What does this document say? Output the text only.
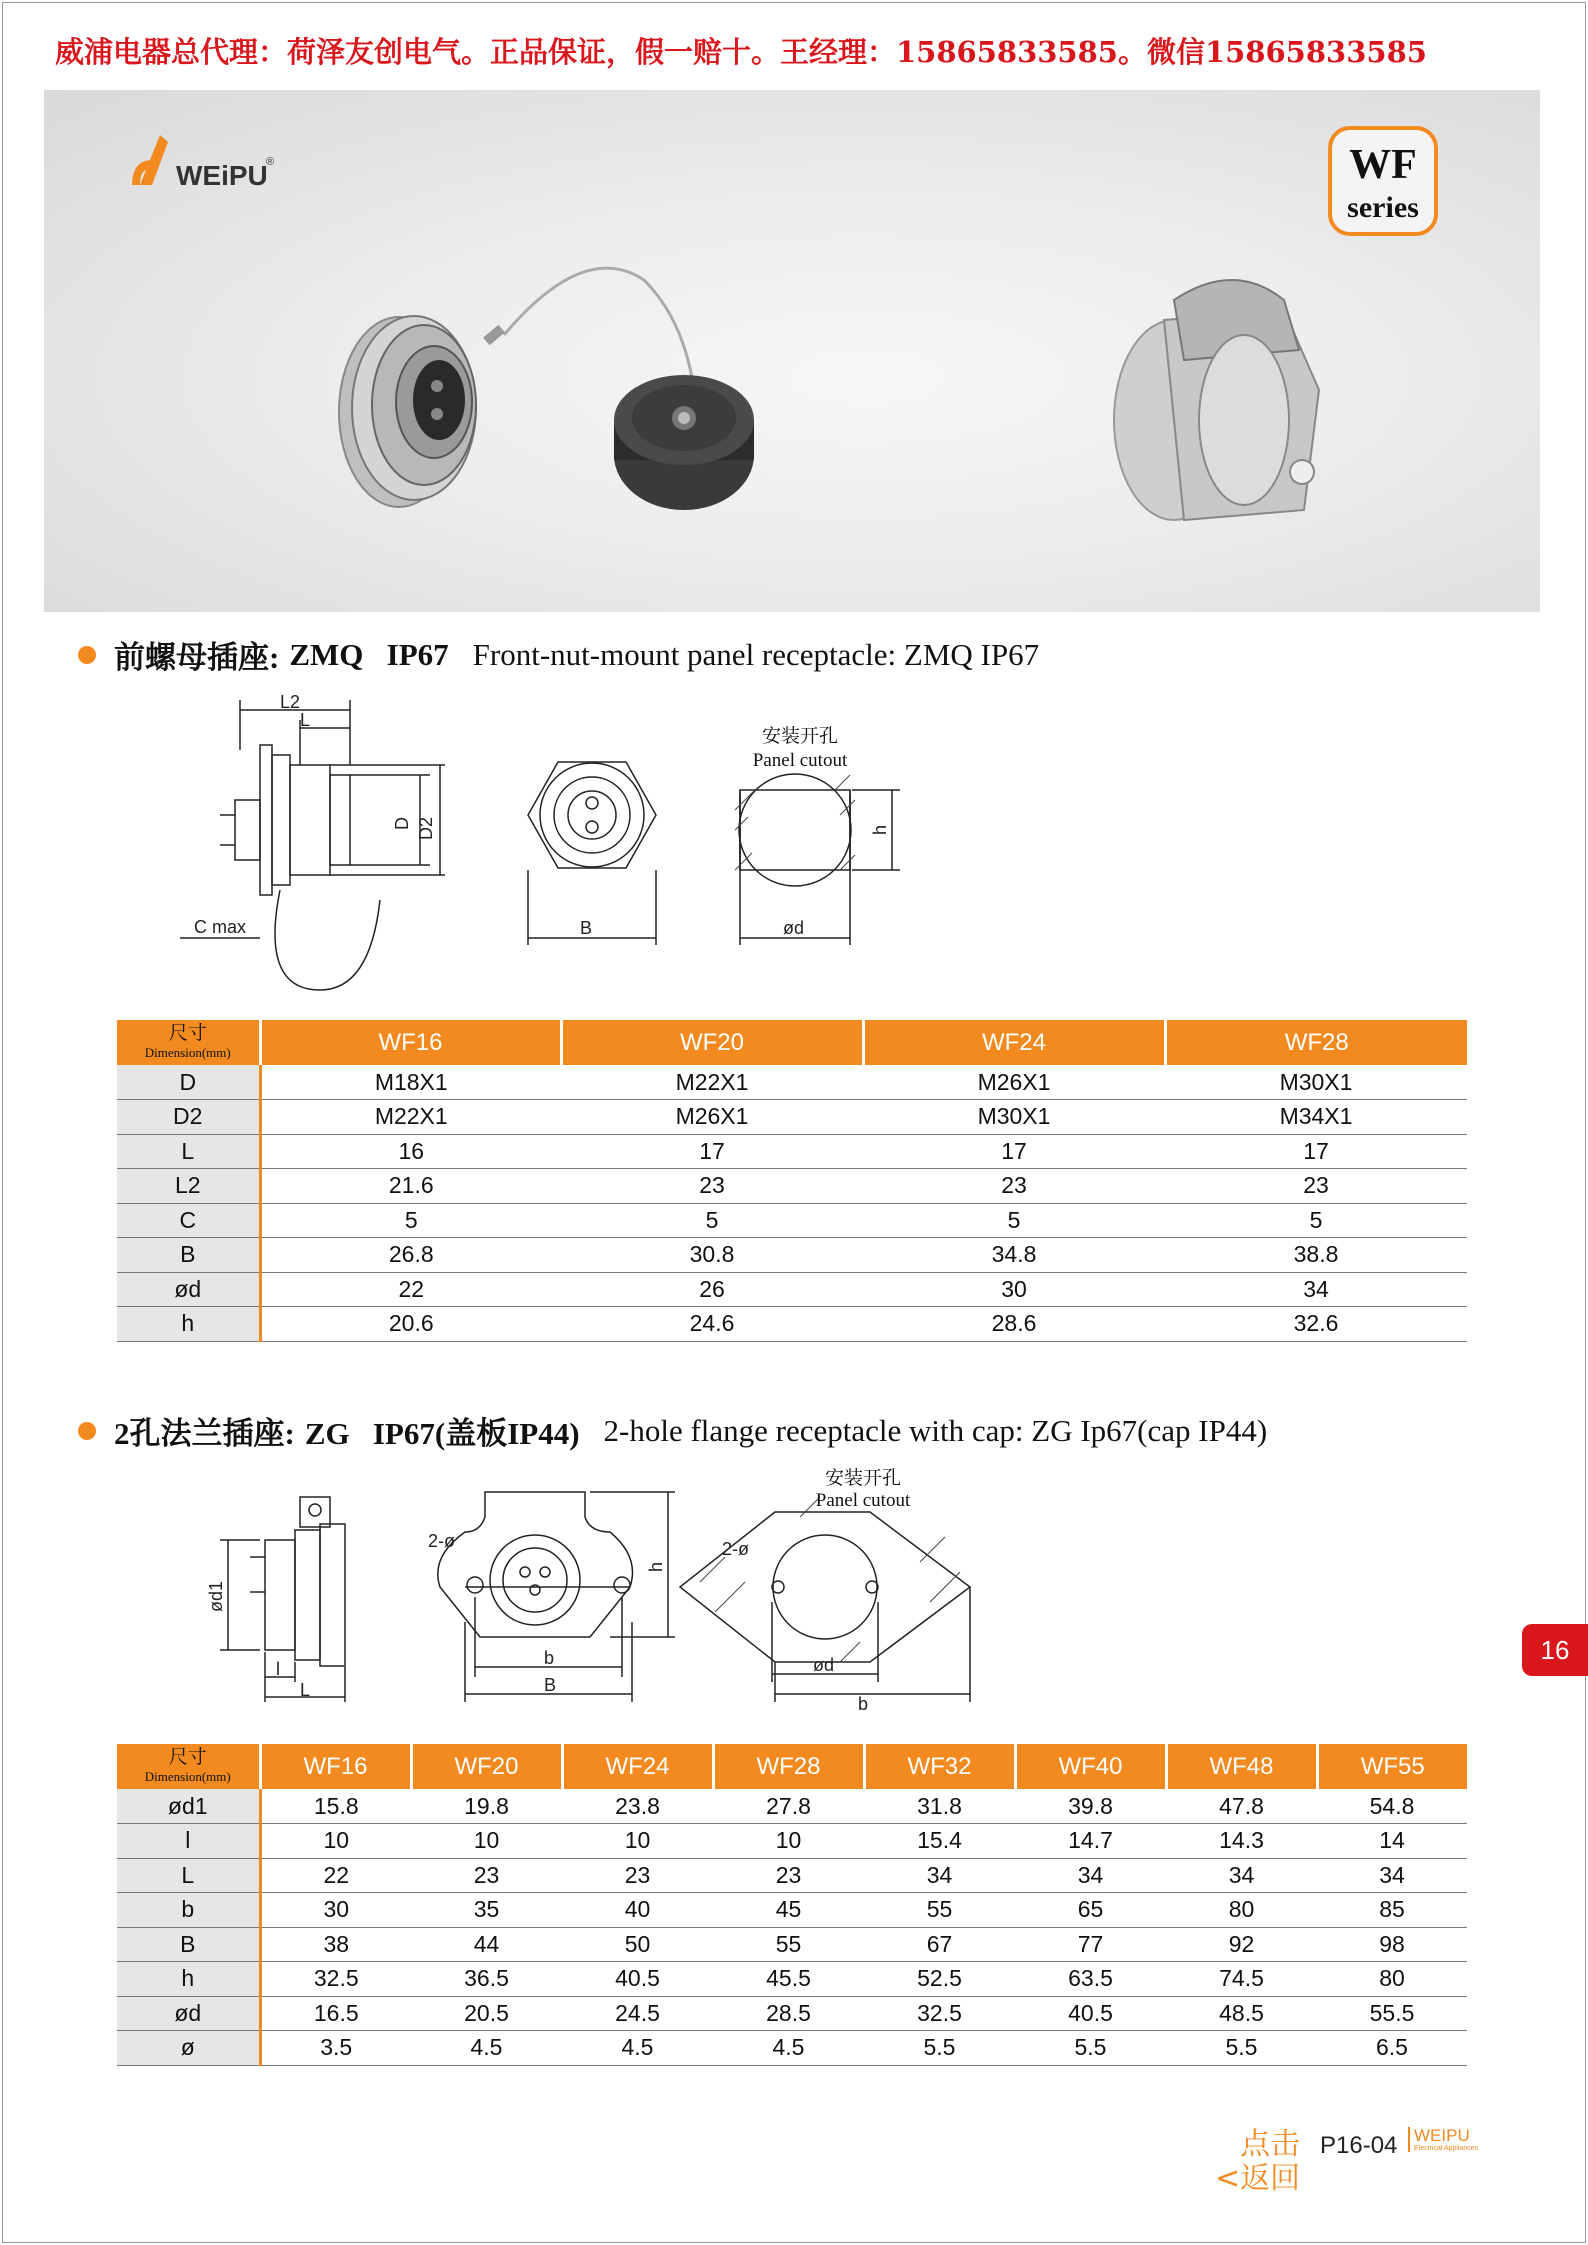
威浦电器总代理：荷泽友创电气。正品保证，假一赔十。王经理：15865833585。微信15865833585
WEiPU
®	WF
series
前螺母插座: ZMQ   IP67 Front-nut-mount panel receptacle: ZMQ IP67
L2
L
D D2
C max	B	ød
h
安装开孔
Panel cutout
尺寸
Dimension(mm)	WF16	WF20	WF24	WF28
D	M18X1	M22X1	M26X1	M30X1
D2	M22X1	M26X1	M30X1	M34X1
L	16	17	17	17
L2	21.6	23	23	23
C	5	5	5	5
B	26.8	30.8	34.8	38.8
ød	22	26	30	34
h	20.6	24.6	28.6	32.6
2孔法兰插座: ZG   IP67(盖板IP44) 2-hole flange receptacle with cap: ZG Ip67(cap IP44)
ød1
l
L
2-ø
h
b
B
2-ø
ød
b
安装开孔
Panel cutout
尺寸
Dimension(mm)	WF16	WF20	WF24	WF28	WF32	WF40	WF48	WF55
ød1	15.8	19.8	23.8	27.8	31.8	39.8	47.8	54.8
l	10	10	10	10	15.4	14.7	14.3	14
L	22	23	23	23	34	34	34	34
b	30	35	40	45	55	65	80	85
B	38	44	50	55	67	77	92	98
h	32.5	36.5	40.5	45.5	52.5	63.5	74.5	80
ød	16.5	20.5	24.5	28.5	32.5	40.5	48.5	55.5
ø	3.5	4.5	4.5	4.5	5.5	5.5	5.5	6.5
16
点击
<返回
P16-04 WEIPU
Electrical Appliances
